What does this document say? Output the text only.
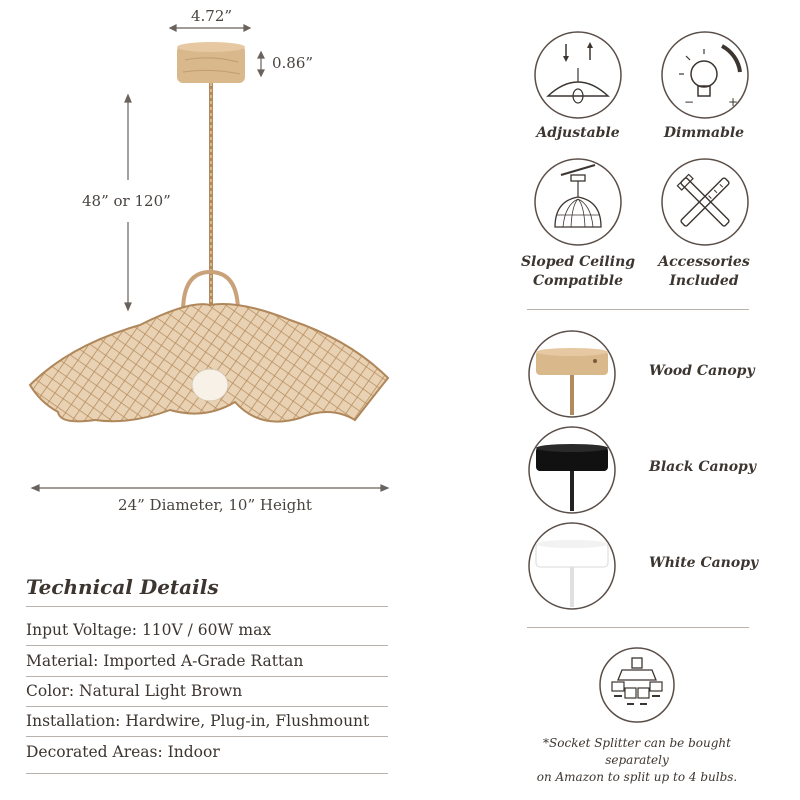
4.72”
0.86”
48” or 120”
24” Diameter, 10” Height
Technical Details
Input Voltage: 110V / 60W max
Material: Imported A-Grade Rattan
Color: Natural Light Brown
Installation: Hardwire, Plug-in, Flushmount
Decorated Areas: Indoor
Adjustable
−	+
Dimmable
Sloped Ceiling
Compatible
Accessories
Included
Wood Canopy
Black Canopy
White Canopy
*Socket Splitter can be bought separately
on Amazon to split up to 4 bulbs.
